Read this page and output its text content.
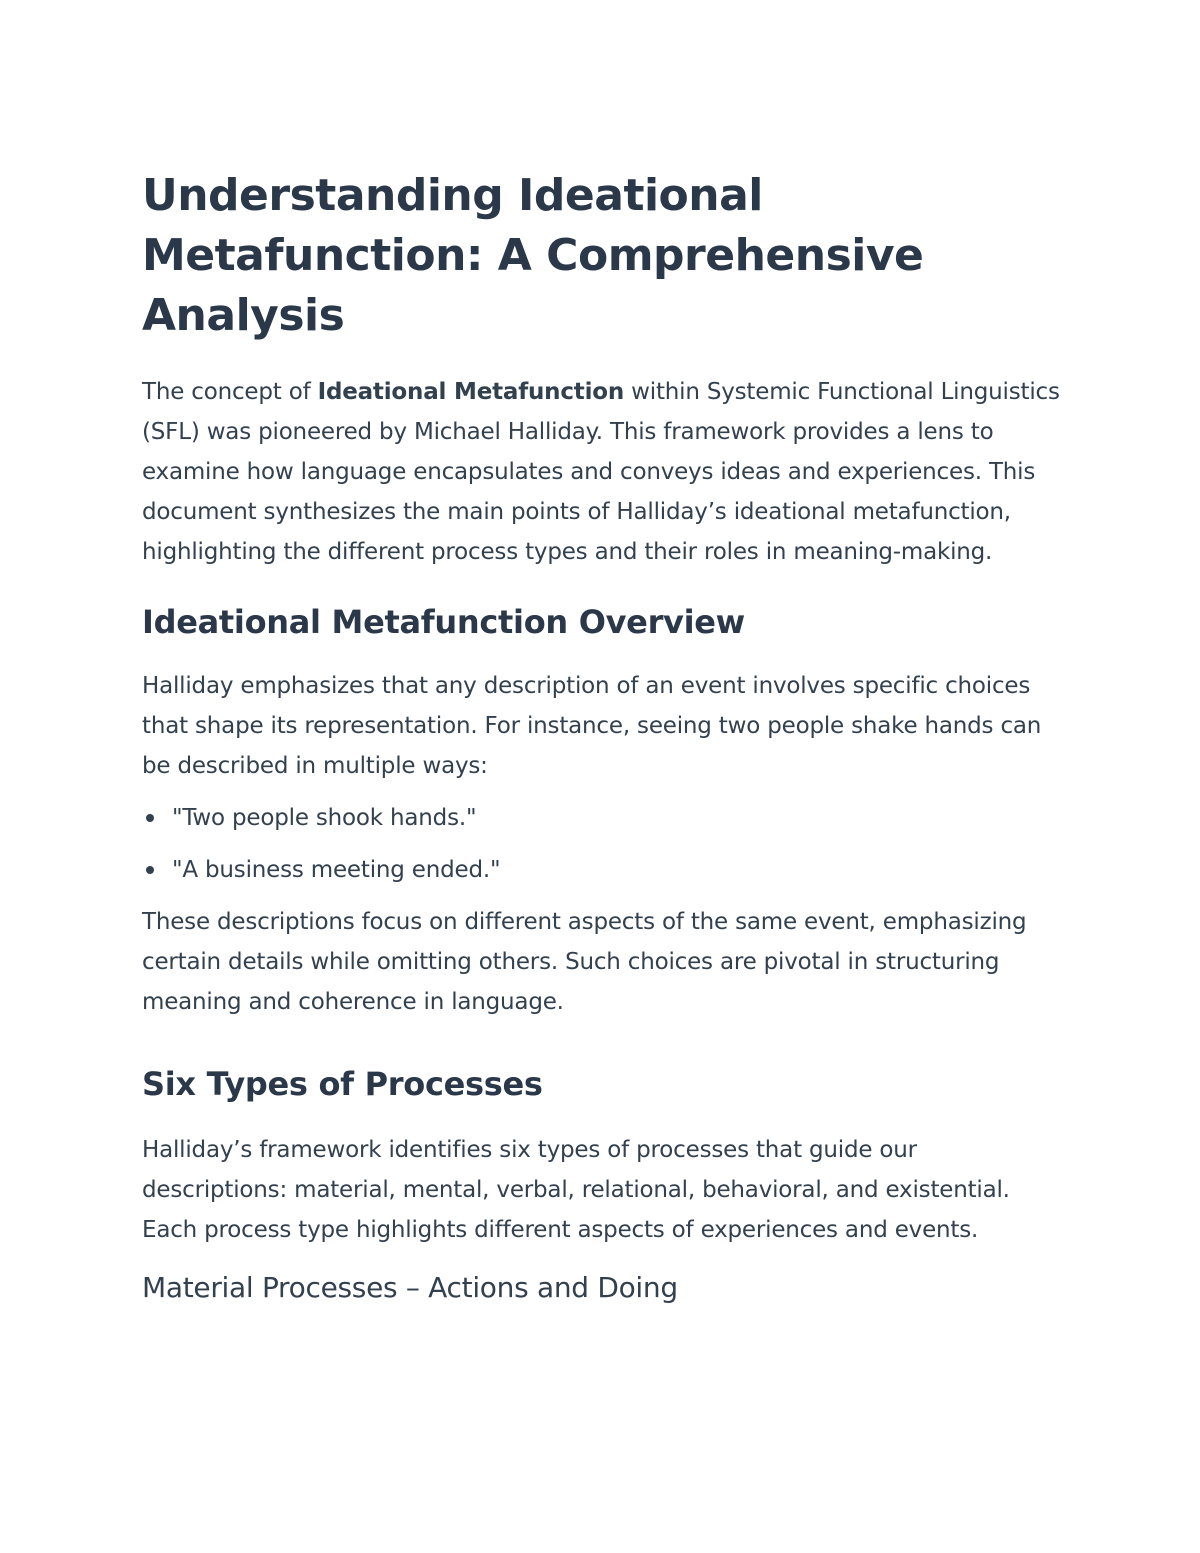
Understanding Ideational Metafunction: A Comprehensive Analysis

The concept of Ideational Metafunction within Systemic Functional Linguistics (SFL) was pioneered by Michael Halliday. This framework provides a lens to examine how language encapsulates and conveys ideas and experiences. This document synthesizes the main points of Halliday’s ideational metafunction, highlighting the different process types and their roles in meaning-making.

Ideational Metafunction Overview

Halliday emphasizes that any description of an event involves specific choices that shape its representation. For instance, seeing two people shake hands can be described in multiple ways:

"Two people shook hands."
"A business meeting ended."

These descriptions focus on different aspects of the same event, emphasizing certain details while omitting others. Such choices are pivotal in structuring meaning and coherence in language.

Six Types of Processes

Halliday’s framework identifies six types of processes that guide our descriptions: material, mental, verbal, relational, behavioral, and existential. Each process type highlights different aspects of experiences and events.

Material Processes – Actions and Doing
